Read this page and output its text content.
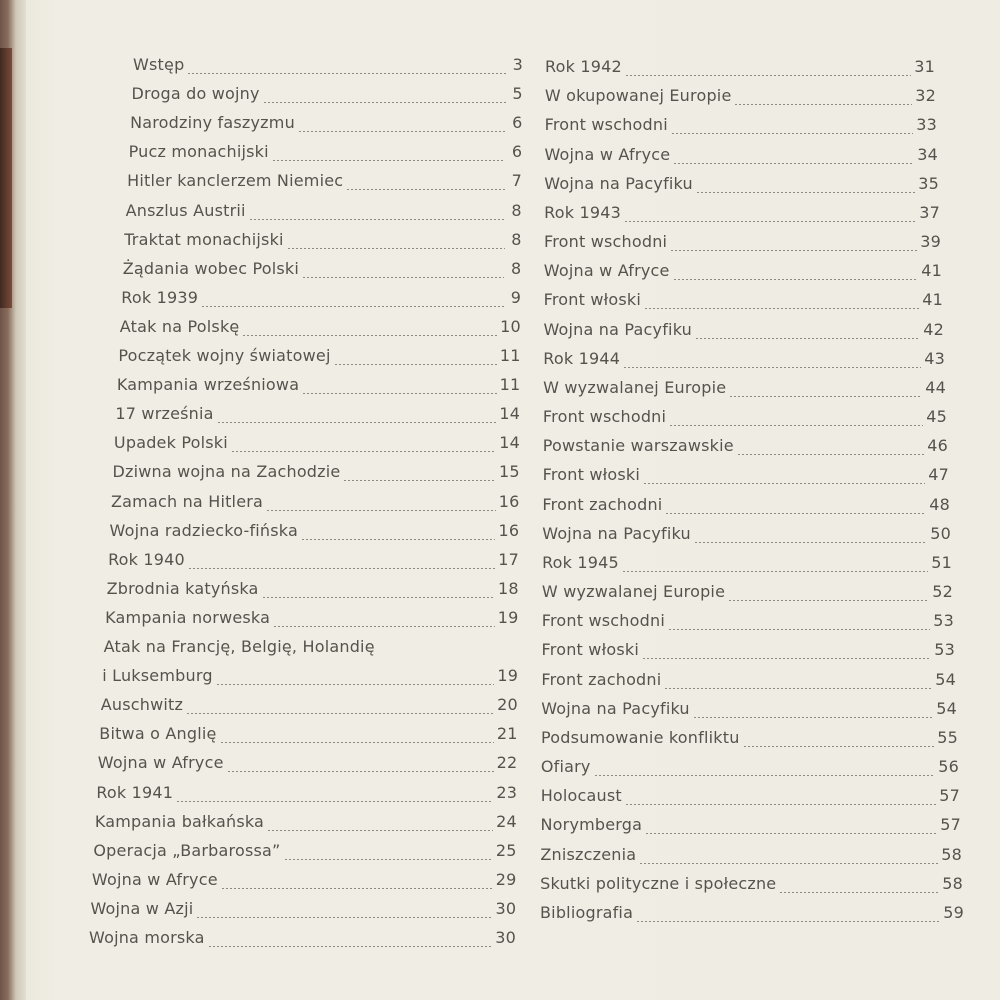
Wstęp	3
Droga do wojny	5
Narodziny faszyzmu	6
Pucz monachijski	6
Hitler kanclerzem Niemiec	7
Anszlus Austrii	8
Traktat monachijski	8
Żądania wobec Polski	8
Rok 1939	9
Atak na Polskę	10
Początek wojny światowej	11
Kampania wrześniowa	11
17 września	14
Upadek Polski	14
Dziwna wojna na Zachodzie	15
Zamach na Hitlera	16
Wojna radziecko-fińska	16
Rok 1940	17
Zbrodnia katyńska	18
Kampania norweska	19
Atak na Francję, Belgię, Holandię
i Luksemburg	19
Auschwitz	20
Bitwa o Anglię	21
Wojna w Afryce	22
Rok 1941	23
Kampania bałkańska	24
Operacja „Barbarossa”	25
Wojna w Afryce	29
Wojna w Azji	30
Wojna morska	30
Rok 1942	31
W okupowanej Europie	32
Front wschodni	33
Wojna w Afryce	34
Wojna na Pacyfiku	35
Rok 1943	37
Front wschodni	39
Wojna w Afryce	41
Front włoski	41
Wojna na Pacyfiku	42
Rok 1944	43
W wyzwalanej Europie	44
Front wschodni	45
Powstanie warszawskie	46
Front włoski	47
Front zachodni	48
Wojna na Pacyfiku	50
Rok 1945	51
W wyzwalanej Europie	52
Front wschodni	53
Front włoski	53
Front zachodni	54
Wojna na Pacyfiku	54
Podsumowanie konfliktu	55
Ofiary	56
Holocaust	57
Norymberga	57
Zniszczenia	58
Skutki polityczne i społeczne	58
Bibliografia	59
